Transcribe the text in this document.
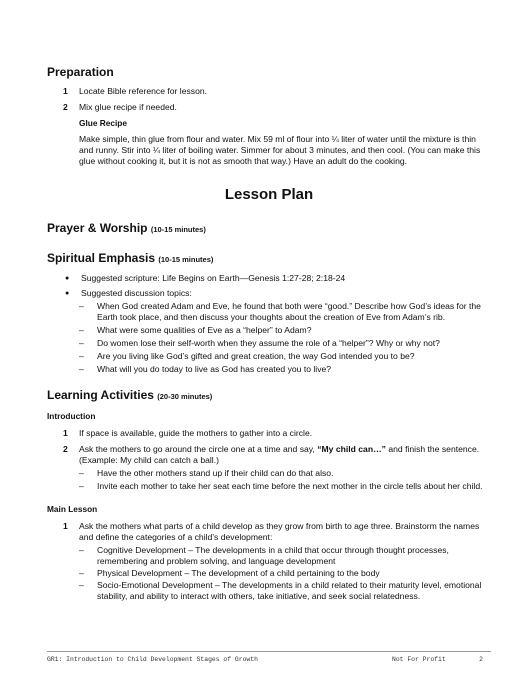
Preparation
1	Locate Bible reference for lesson.
2	Mix glue recipe if needed.
Glue Recipe
Make simple, thin glue from flour and water. Mix 59 ml of flour into ¼ liter of water until the mixture is thin and runny. Stir into ¼ liter of boiling water. Simmer for about 3 minutes, and then cool. (You can make this glue without cooking it, but it is not as smooth that way.) Have an adult do the cooking.
Lesson Plan
Prayer & Worship (10-15 minutes)
Spiritual Emphasis (10-15 minutes)
●	Suggested scripture: Life Begins on Earth—Genesis 1:27-28; 2:18-24
●	Suggested discussion topics:
–	When God created Adam and Eve, he found that both were “good.” Describe how God’s ideas for the Earth took place, and then discuss your thoughts about the creation of Eve from Adam’s rib.
–	What were some qualities of Eve as a “helper” to Adam?
–	Do women lose their self-worth when they assume the role of a “helper”? Why or why not?
–	Are you living like God’s gifted and great creation, the way God intended you to be?
–	What will you do today to live as God has created you to live?
Learning Activities (20-30 minutes)
Introduction
1	If space is available, guide the mothers to gather into a circle.
2	Ask the mothers to go around the circle one at a time and say, “My child can…” and finish the sentence. (Example: My child can catch a ball.)
–	Have the other mothers stand up if their child can do that also.
–	Invite each mother to take her seat each time before the next mother in the circle tells about her child.
Main Lesson
1	Ask the mothers what parts of a child develop as they grow from birth to age three. Brainstorm the names and define the categories of a child’s development:
–	Cognitive Development – The developments in a child that occur through thought processes, remembering and problem solving, and language development
–	Physical Development – The development of a child pertaining to the body
–	Socio-Emotional Development – The developments in a child related to their maturity level, emotional stability, and ability to interact with others, take initiative, and seek social relatedness.
GR1: Introduction to Child Development Stages of Growth	Not For Profit	2
